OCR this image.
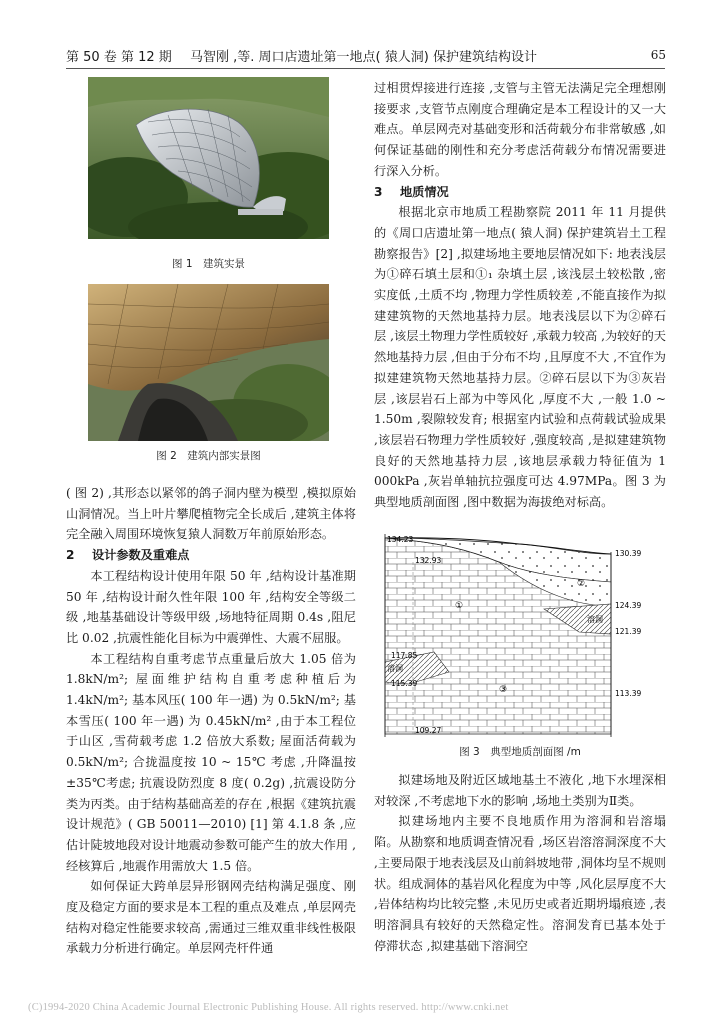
第 50 卷 第 12 期 马智刚 ,等. 周口店遗址第一地点( 猿人洞) 保护建筑结构设计	65
图 1　建筑实景
图 2　建筑内部实景图

( 图 2) ,其形态以紧邻的鸽子洞内壁为模型 ,模拟原始山洞情况。当上叶片攀爬植物完全长成后 ,建筑主体将完全融入周围环境恢复猿人洞数万年前原始形态。

2 设计参数及重难点

本工程结构设计使用年限 50 年 ,结构设计基准期 50 年 ,结构设计耐久性年限 100 年 ,结构安全等级二级 ,地基基础设计等级甲级 ,场地特征周期 0.4s ,阻尼比 0.02 ,抗震性能化目标为中震弹性、大震不屈服。

本工程结构自重考虑节点重量后放大 1.05 倍为 1.8kN/m²; 屋面维护结构自重考虑种植后为 1.4kN/m²; 基本风压( 100 年一遇) 为 0.5kN/m²; 基本雪压( 100 年一遇) 为 0.45kN/m² ,由于本工程位于山区 ,雪荷载考虑 1.2 倍放大系数; 屋面活荷载为 0.5kN/m²; 合拢温度按 10 ~ 15℃ 考虑 ,升降温按 ±35℃考虑; 抗震设防烈度 8 度( 0.2g) ,抗震设防分类为丙类。由于结构基础高差的存在 ,根据《建筑抗震设计规范》( GB 50011—2010) [1] 第 4.1.8 条 ,应估计陡坡地段对设计地震动参数可能产生的放大作用 ,经核算后 ,地震作用需放大 1.5 倍。

如何保证大跨单层异形钢网壳结构满足强度、刚度及稳定方面的要求是本工程的重点及难点 ,单层网壳结构对稳定性能要求较高 ,需通过三维双重非线性极限承载力分析进行确定。单层网壳杆件通

过相贯焊接进行连接 ,支管与主管无法满足完全理想刚接要求 ,支管节点刚度合理确定是本工程设计的又一大难点。单层网壳对基础变形和活荷载分布非常敏感 ,如何保证基础的刚性和充分考虑活荷载分布情况需要进行深入分析。

3 地质情况

根据北京市地质工程勘察院 2011 年 11 月提供的《周口店遗址第一地点( 猿人洞) 保护建筑岩土工程勘察报告》[2] ,拟建场地主要地层情况如下: 地表浅层为①碎石填土层和①₁ 杂填土层 ,该浅层土较松散 ,密实度低 ,土质不均 ,物理力学性质较差 ,不能直接作为拟建建筑物的天然地基持力层。地表浅层以下为②碎石层 ,该层土物理力学性质较好 ,承载力较高 ,为较好的天然地基持力层 ,但由于分布不均 ,且厚度不大 ,不宜作为拟建建筑物天然地基持力层。②碎石层以下为③灰岩层 ,该层岩石上部为中等风化 ,厚度不大 ,一般 1.0 ~ 1.50m ,裂隙较发育; 根据室内试验和点荷载试验成果 ,该层岩石物理力学性质较好 ,强度较高 ,是拟建建筑物良好的天然地基持力层 ,该地层承载力特征值为 1 000kPa ,灰岩单轴抗拉强度可达 4.97MPa。图 3 为典型地质剖面图 ,图中数据为海拔绝对标高。

134.23
132.93
130.39
124.39
121.39
117.85
115.39
113.39
109.27
溶洞
溶洞
①
②
③
图 3　典型地质剖面图 /m

拟建场地及附近区域地基土不液化 ,地下水埋深相对较深 ,不考虑地下水的影响 ,场地土类别为Ⅱ类。

拟建场地内主要不良地质作用为溶洞和岩溶塌陷。从勘察和地质调查情况看 ,场区岩溶溶洞深度不大 ,主要局限于地表浅层及山前斜坡地带 ,洞体均呈不规则状。组成洞体的基岩风化程度为中等 ,风化层厚度不大 ,岩体结构均比较完整 ,未见历史或者近期坍塌痕迹 ,表明溶洞具有较好的天然稳定性。溶洞发育已基本处于停滞状态 ,拟建基础下溶洞空

(C)1994-2020 China Academic Journal Electronic Publishing House. All rights reserved. http://www.cnki.net
